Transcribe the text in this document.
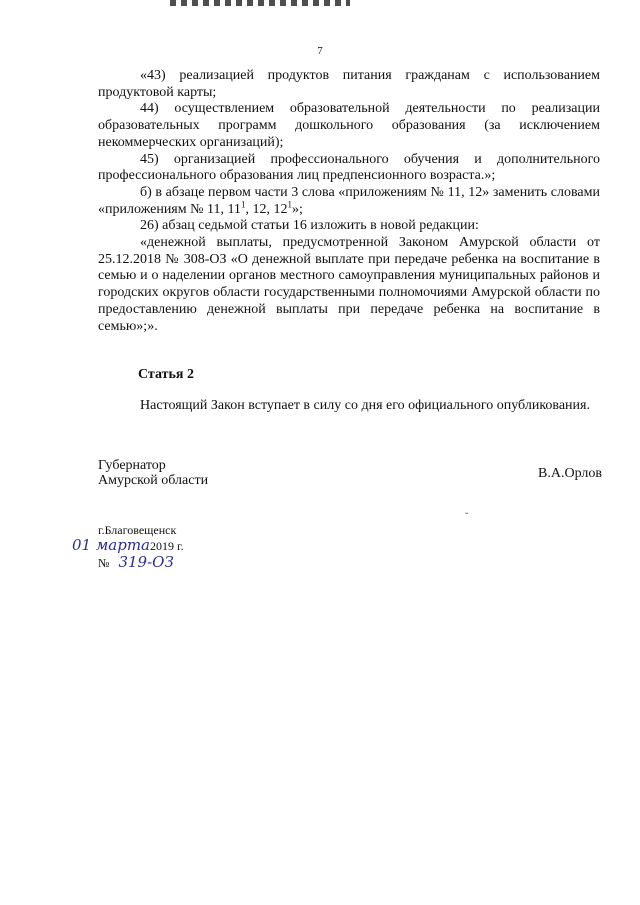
7

«43) реализацией продуктов питания гражданам с использованием продуктовой карты;

44) осуществлением образовательной деятельности по реализации образовательных программ дошкольного образования (за исключением некоммерческих организаций);

45) организацией профессионального обучения и дополнительного профессионального образования лиц предпенсионного возраста.»;

б) в абзаце первом части 3 слова «приложениям № 11, 12» заменить словами «приложениям № 11, $11^1$, 12, $12^1$»;

26) абзац седьмой статьи 16 изложить в новой редакции:

«денежной выплаты, предусмотренной Законом Амурской области от 25.12.2018 № 308-ОЗ «О денежной выплате при передаче ребенка на воспитание в семью и о наделении органов местного самоуправления муниципальных районов и городских округов области государственными полномочиями Амурской области по предоставлению денежной выплаты при передаче ребенка на воспитание в семью»;».

Статья 2
Настоящий Закон вступает в силу со дня его официального опубликования.
Губернатор
Амурской области	В.А.Орлов
г.Благовещенск
01 марта2019 г.
№ 319-ОЗ
ˇ
